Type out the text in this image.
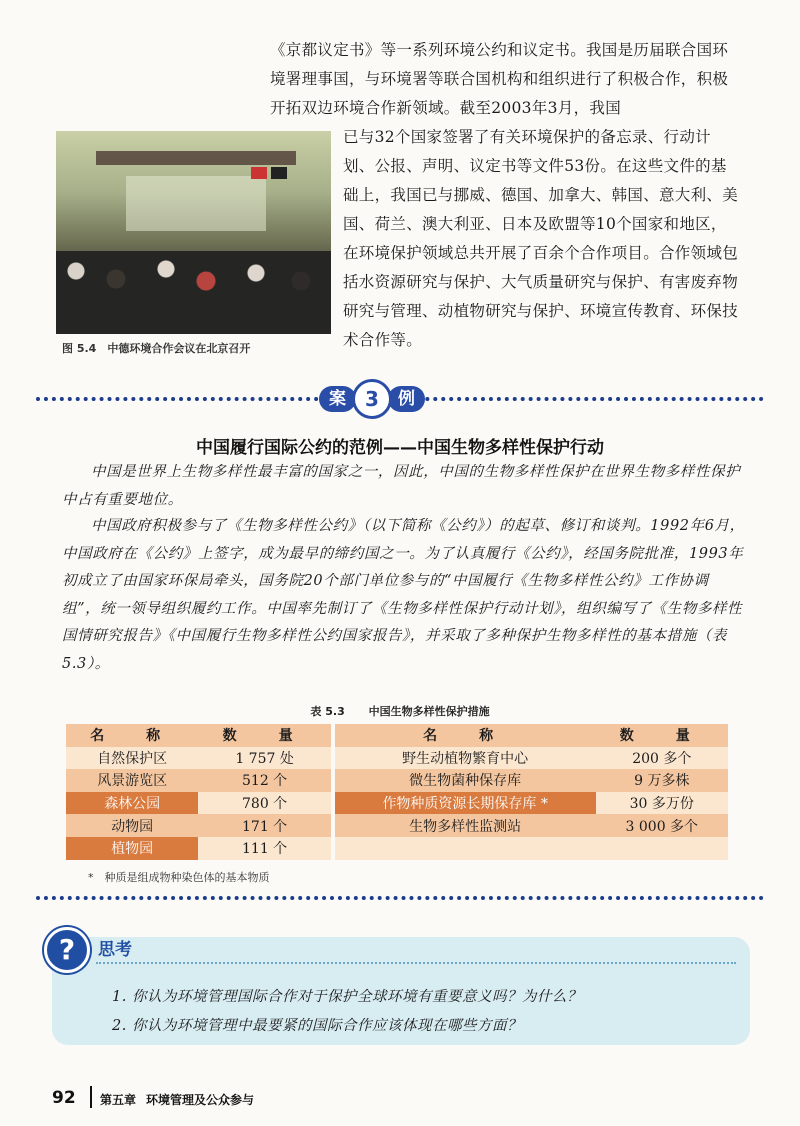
《京都议定书》等一系列环境公约和议定书。我国是历届联合国环境署理事国，与环境署等联合国机构和组织进行了积极合作，积极开拓双边环境合作新领域。截至2003年3月，我国
图 5.4　中德环境合作会议在北京召开
已与32个国家签署了有关环境保护的备忘录、行动计划、公报、声明、议定书等文件53份。在这些文件的基础上，我国已与挪威、德国、加拿大、韩国、意大利、美国、荷兰、澳大利亚、日本及欧盟等10个国家和地区，在环境保护领域总共开展了百余个合作项目。合作领域包括水资源研究与保护、大气质量研究与保护、有害废弃物研究与管理、动植物研究与保护、环境宣传教育、环保技术合作等。
案 3	例
中国履行国际公约的范例——中国生物多样性保护行动
中国是世界上生物多样性最丰富的国家之一，因此，中国的生物多样性保护在世界生物多样性保护中占有重要地位。
中国政府积极参与了《生物多样性公约》（以下简称《公约》）的起草、修订和谈判。1992年6月，中国政府在《公约》上签字，成为最早的缔约国之一。为了认真履行《公约》，经国务院批准，1993年初成立了由国家环保局牵头，国务院20个部门单位参与的“中国履行《生物多样性公约》工作协调组”，统一领导组织履约工作。中国率先制订了《生物多样性保护行动计划》，组织编写了《生物多样性国情研究报告》《中国履行生物多样性公约国家报告》，并采取了多种保护生物多样性的基本措施（表5.3）。
表 5.3 中国生物多样性保护措施
名　称	数　量		名　称	数　量
自然保护区	1 757 处		野生动植物繁育中心	200 多个
风景游览区	512 个		微生物菌种保存库	9 万多株
森林公园	780 个		作物种质资源长期保存库 *	30 多万份
动物园	171 个		生物多样性监测站	3 000 多个
植物园	111 个			
*　种质是组成物种染色体的基本物质
?	思考
1. 你认为环境管理国际合作对于保护全球环境有重要意义吗？为什么？
2. 你认为环境管理中最要紧的国际合作应该体现在哪些方面？
92 第五章 环境管理及公众参与
